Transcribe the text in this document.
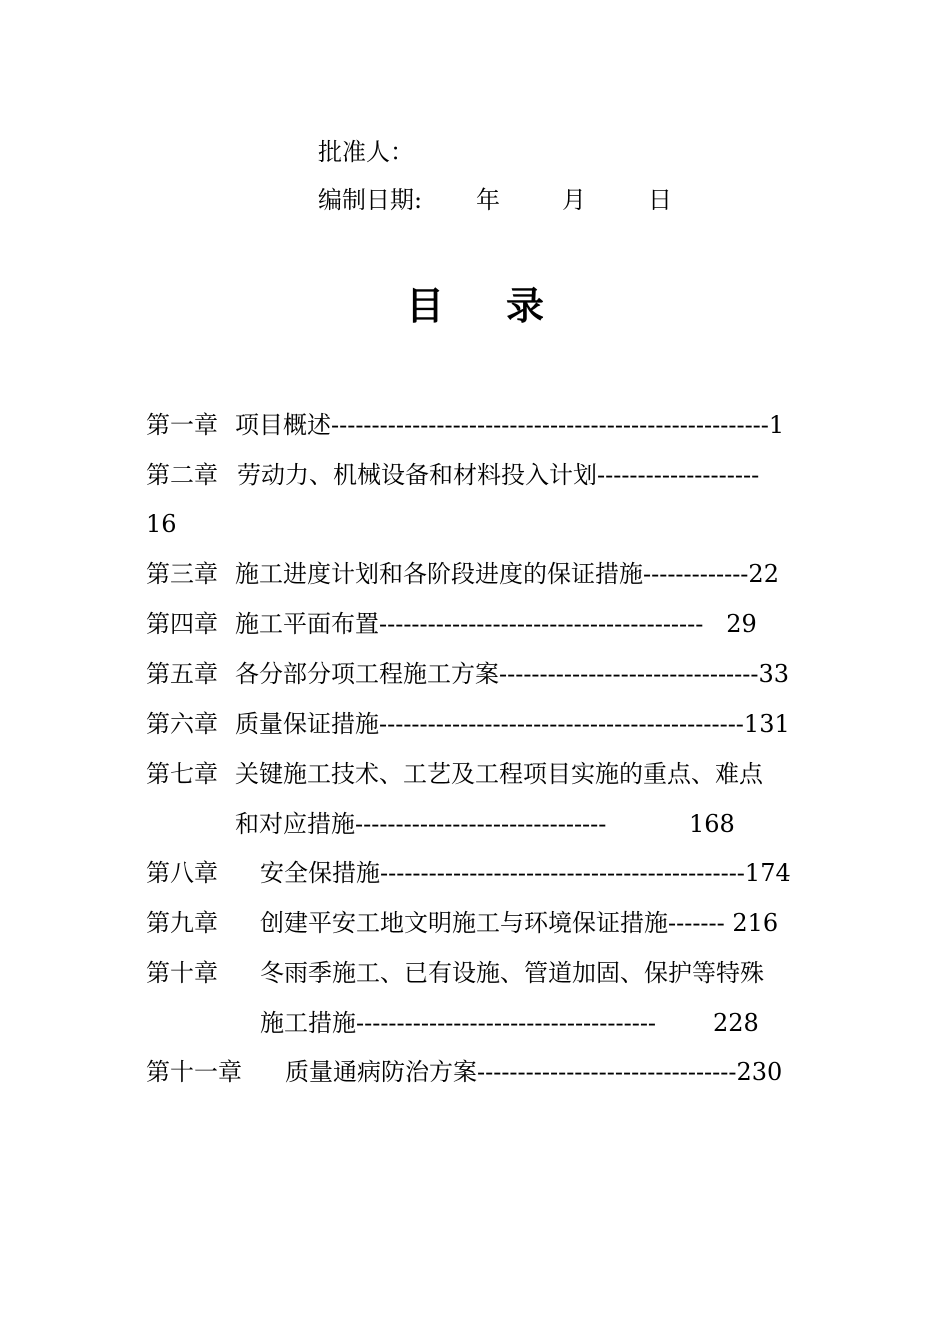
批准人：
编制日期: 年	月	日
目 录
第一章 项目概述------------------------------------------------------1
第二章 劳动力、机械设备和材料投入计划--------------------
16
第三章 施工进度计划和各阶段进度的保证措施-------------22
第四章 施工平面布置----------------------------------------   29
第五章 各分部分项工程施工方案--------------------------------33
第六章 质量保证措施---------------------------------------------131
第七章 关键施工技术、工艺及工程项目实施的重点、难点
和对应措施-------------------------------	168
第八章 安全保措施---------------------------------------------174
第九章 创建平安工地文明施工与环境保证措施------- 216
第十章 冬雨季施工、已有设施、管道加固、保护等特殊
施工措施------------------------------------- 228
第十一章 质量通病防治方案--------------------------------230
